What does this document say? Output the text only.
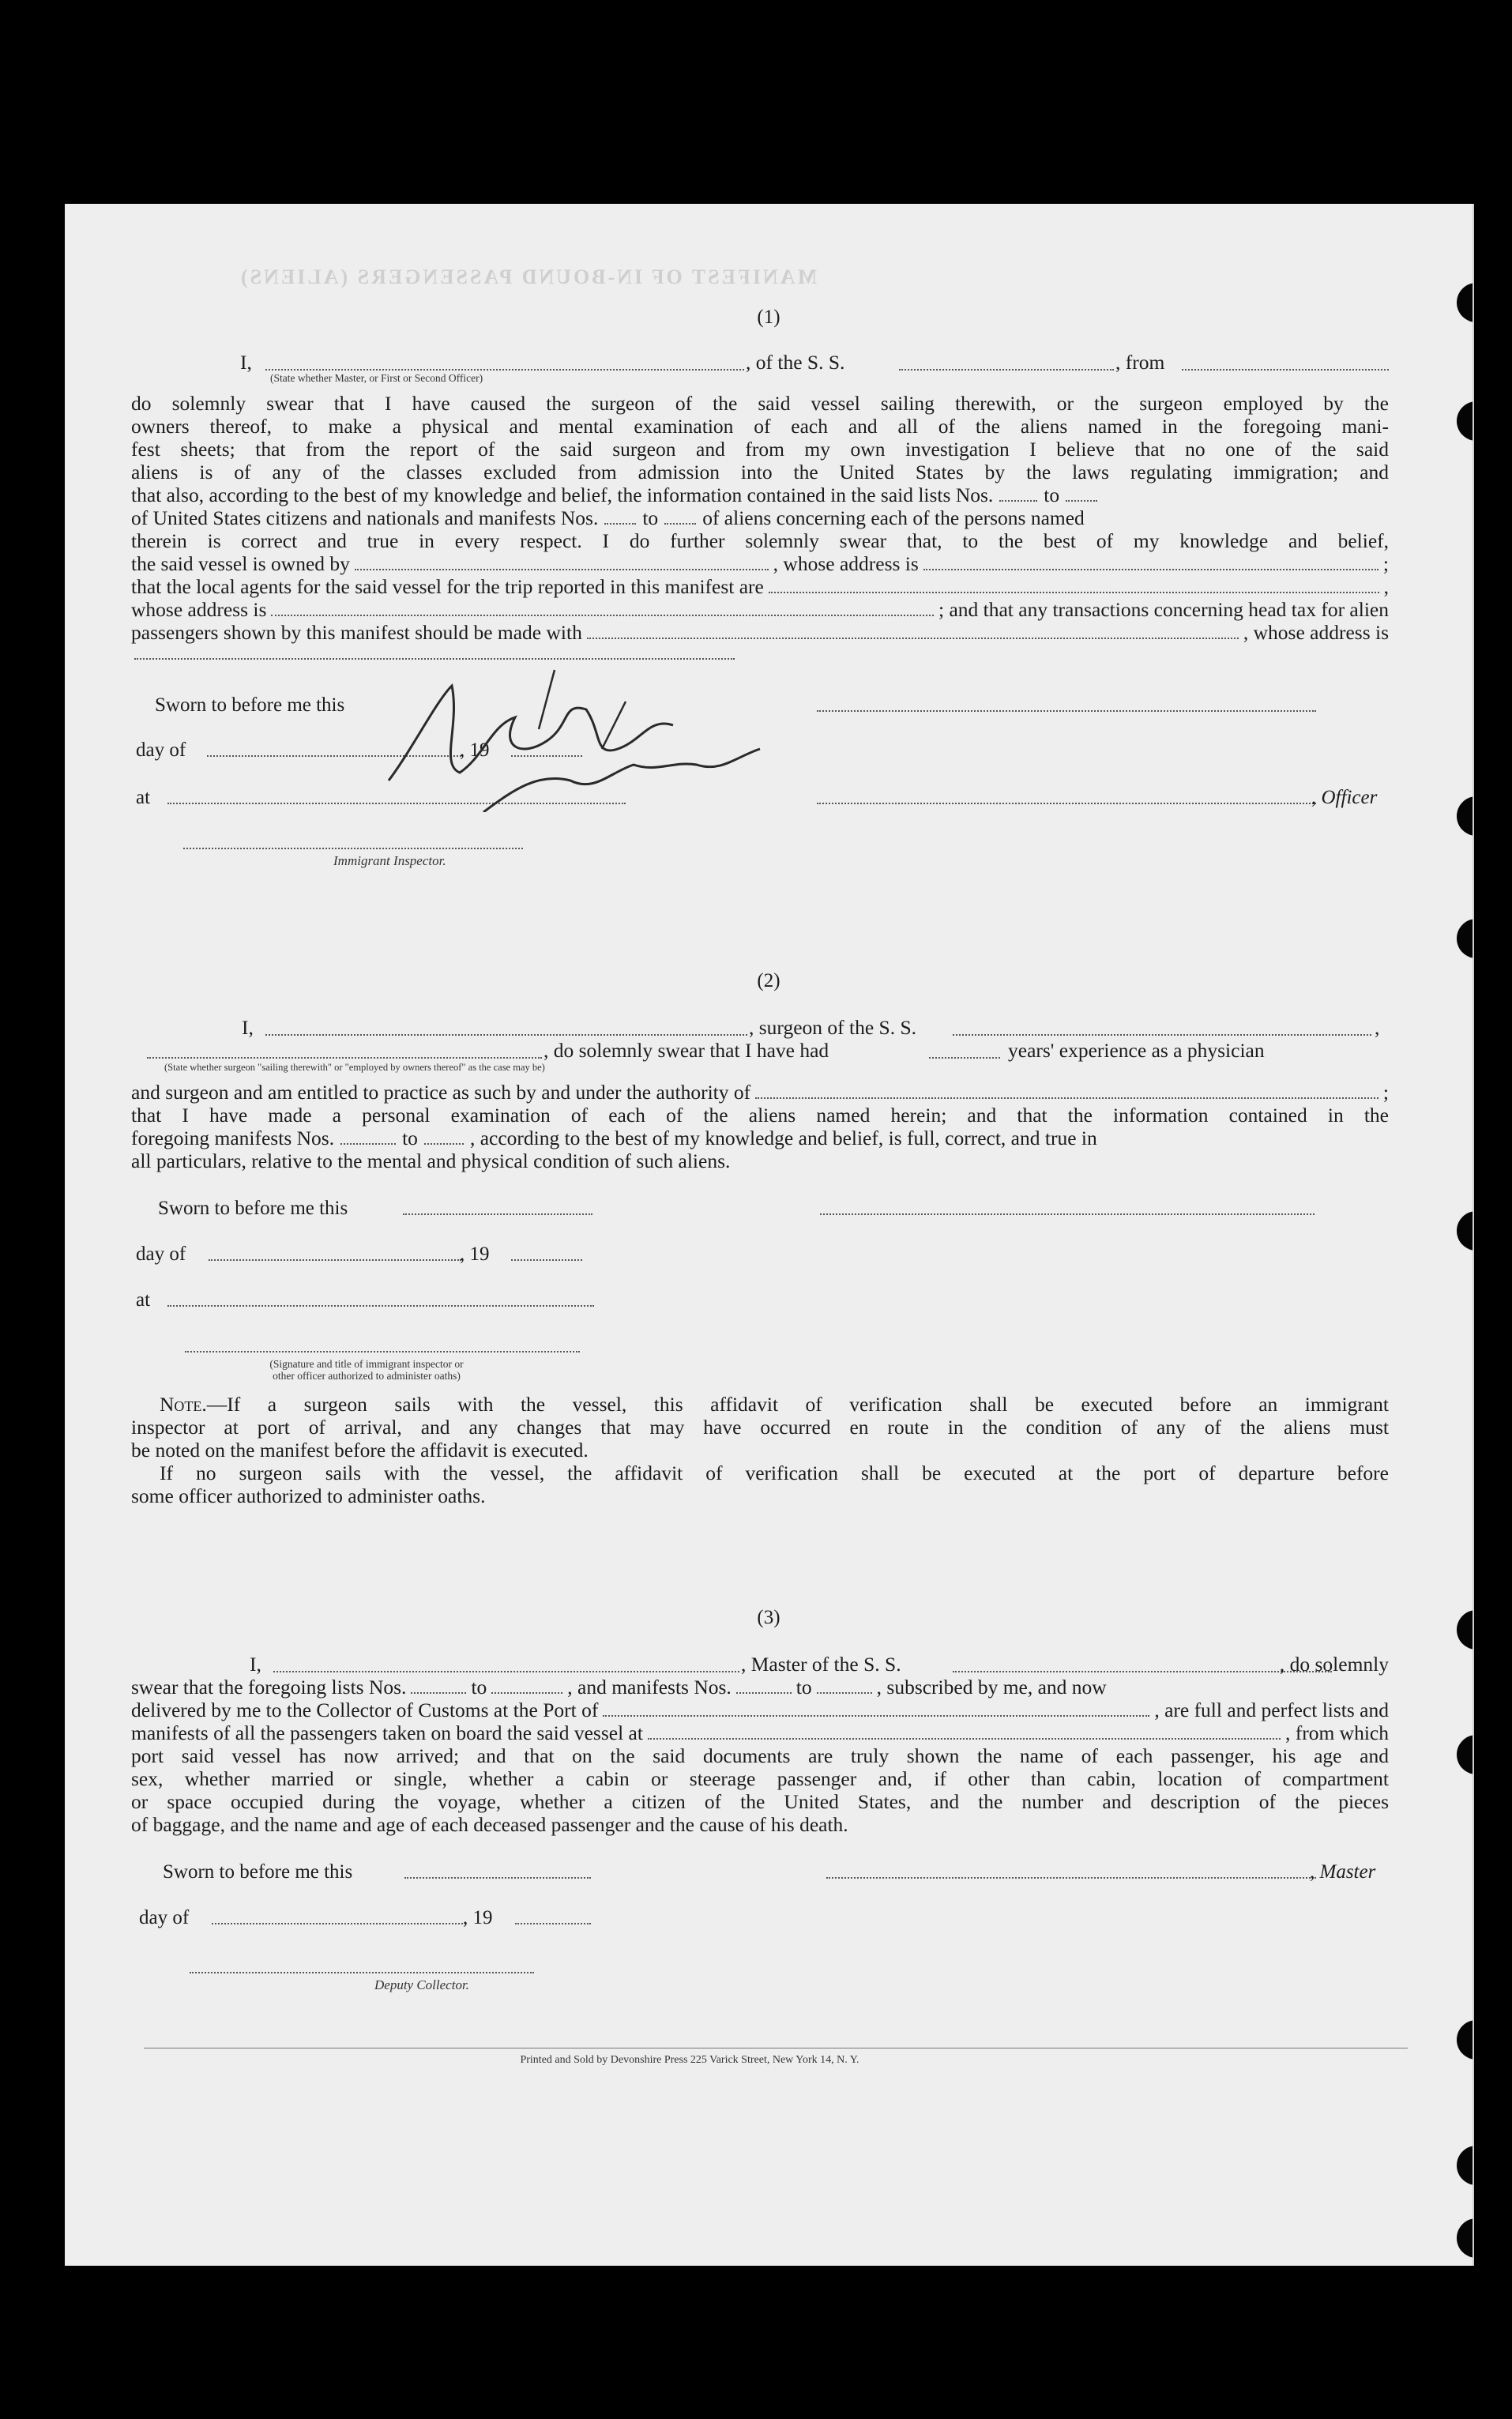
MANIFEST OF IN-BOUND PASSENGERS (ALIENS)
(1)
I,	, of the S. S.	, from
(State whether Master, or First or Second Officer)
do solemnly swear that I have caused the surgeon of the said vessel sailing therewith, or the surgeon employed by the
owners thereof, to make a physical and mental examination of each and all of the aliens named in the foregoing mani-
fest sheets; that from the report of the said surgeon and from my own investigation I believe that no one of the said
aliens is of any of the classes excluded from admission into the United States by the laws regulating immigration; and
that also, according to the best of my knowledge and belief, the information contained in the said lists Nos.	to
of United States citizens and nationals and manifests Nos. to of aliens concerning each of the persons named
therein is correct and true in every respect. I do further solemnly swear that, to the best of my knowledge and belief,
the said vessel is owned by	, whose address is	;
that the local agents for the said vessel for the trip reported in this manifest are	,
whose address is	; and that any transactions concerning head tax for alien
passengers shown by this manifest should be made with	, whose address is
Sworn to before me this
day of	, 19
at	, Officer
Immigrant Inspector.
(2)
I,	, surgeon of the S. S.	,
, do solemnly swear that I have had	years' experience as a physician
(State whether surgeon "sailing therewith" or "employed by owners thereof" as the case may be)
and surgeon and am entitled to practice as such by and under the authority of	;
that I have made a personal examination of each of the aliens named herein; and that the information contained in the
foregoing manifests Nos.	to	, according to the best of my knowledge and belief, is full, correct, and true in
all particulars, relative to the mental and physical condition of such aliens.
Sworn to before me this
day of	, 19
at
(Signature and title of immigrant inspector or other officer authorized to administer oaths)
Note.—If a surgeon sails with the vessel, this affidavit of verification shall be executed before an immigrant
inspector at port of arrival, and any changes that may have occurred en route in the condition of any of the aliens must
be noted on the manifest before the affidavit is executed.
If no surgeon sails with the vessel, the affidavit of verification shall be executed at the port of departure before
some officer authorized to administer oaths.
(3)
I,	, Master of the S. S.	, do solemnly
swear that the foregoing lists Nos.	to	, and manifests Nos.	to	, subscribed by me, and now
delivered by me to the Collector of Customs at the Port of	, are full and perfect lists and
manifests of all the passengers taken on board the said vessel at	, from which
port said vessel has now arrived; and that on the said documents are truly shown the name of each passenger, his age and
sex, whether married or single, whether a cabin or steerage passenger and, if other than cabin, location of compartment
or space occupied during the voyage, whether a citizen of the United States, and the number and description of the pieces
of baggage, and the name and age of each deceased passenger and the cause of his death.
Sworn to before me this	, Master
day of	, 19
Deputy Collector.
Printed and Sold by Devonshire Press 225 Varick Street, New York 14, N. Y.
